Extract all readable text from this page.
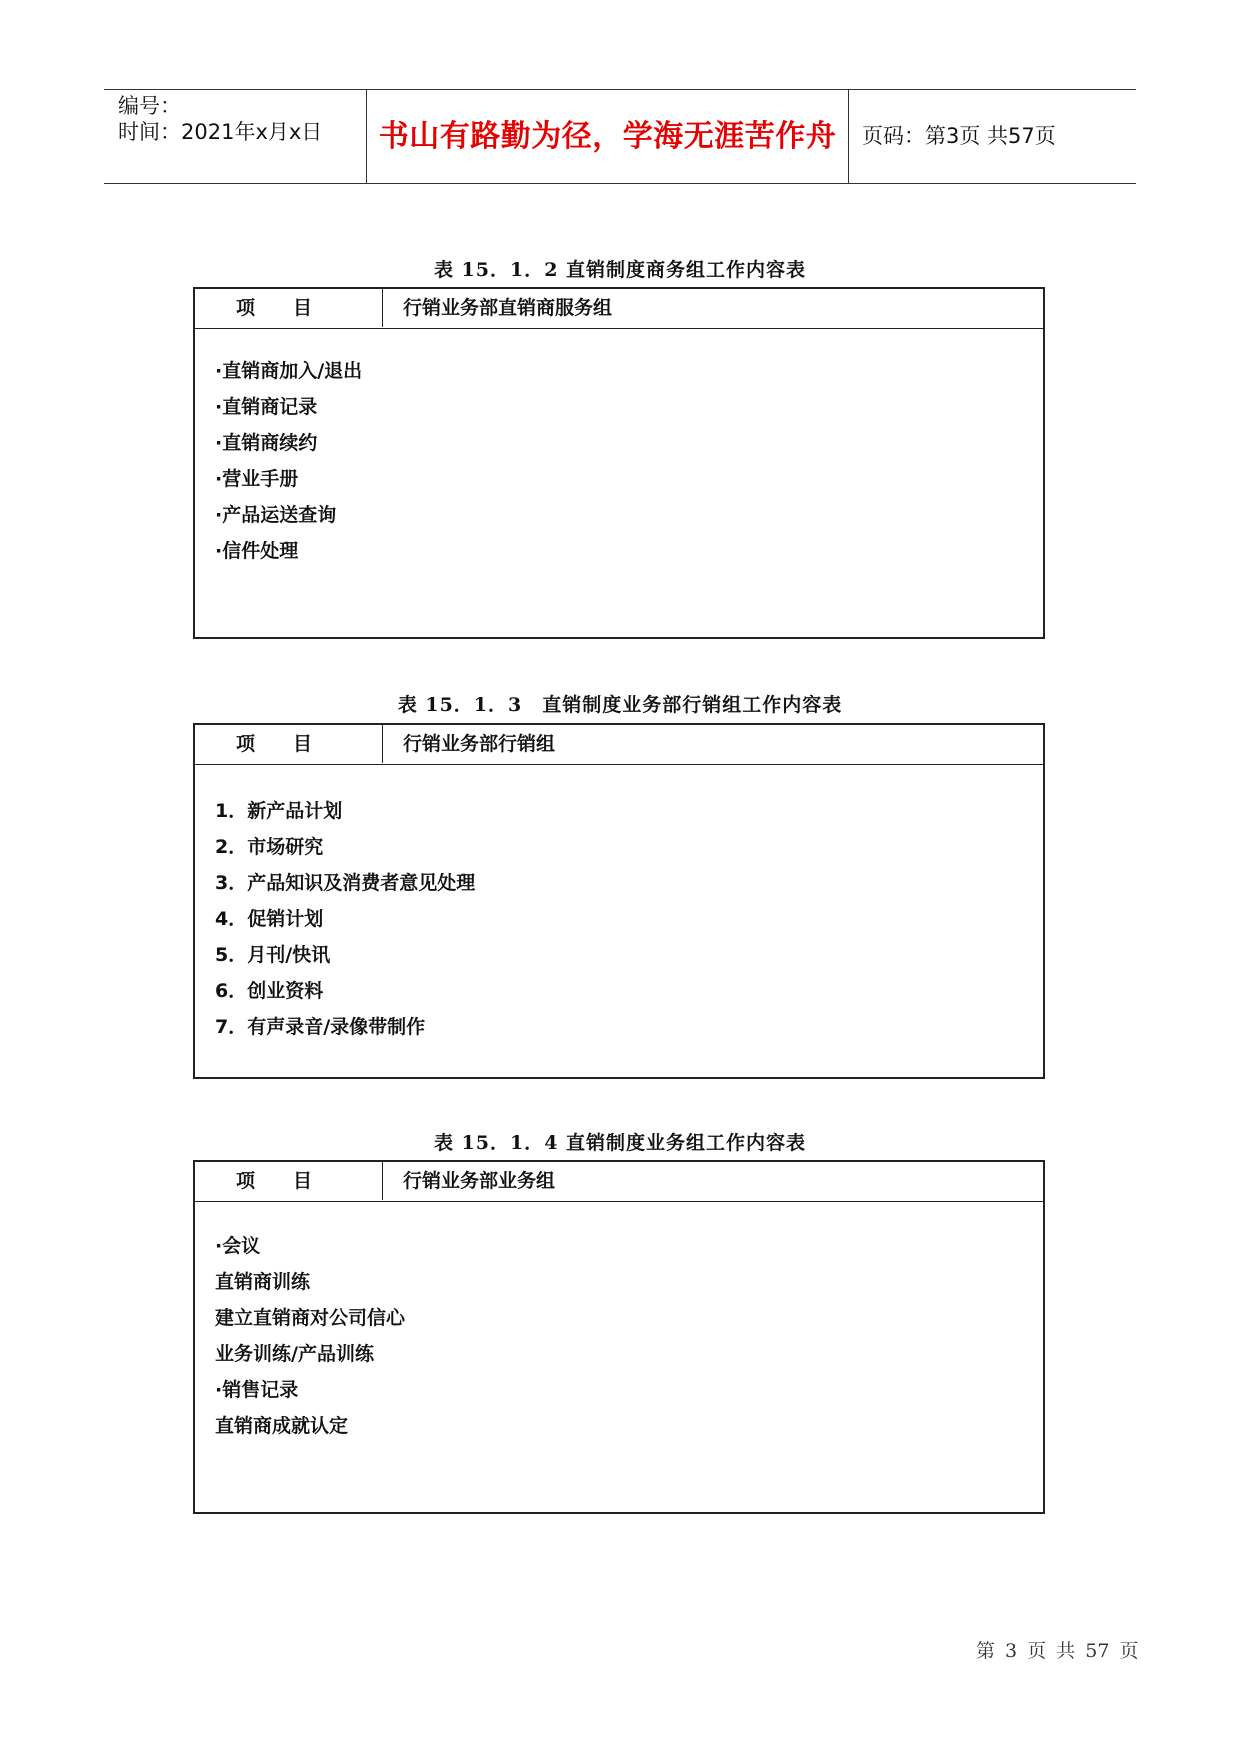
编号：
时间：2021年x月x日	书山有路勤为径，学海无涯苦作舟	页码：第3页 共57页
表 15．1．2 直销制度商务组工作内容表
项　　目	行销业务部直销商服务组
·直销商加入/退出
·直销商记录
·直销商续约
·营业手册
·产品运送查询
·信件处理
表 15．1．3　直销制度业务部行销组工作内容表
项　　目	行销业务部行销组
1．新产品计划
2．市场研究
3．产品知识及消费者意见处理
4．促销计划
5．月刊/快讯
6．创业资料
7．有声录音/录像带制作
表 15．1．4 直销制度业务组工作内容表
项　　目	行销业务部业务组
·会议
直销商训练
建立直销商对公司信心
业务训练/产品训练
·销售记录
直销商成就认定
第 3 页 共 57 页
